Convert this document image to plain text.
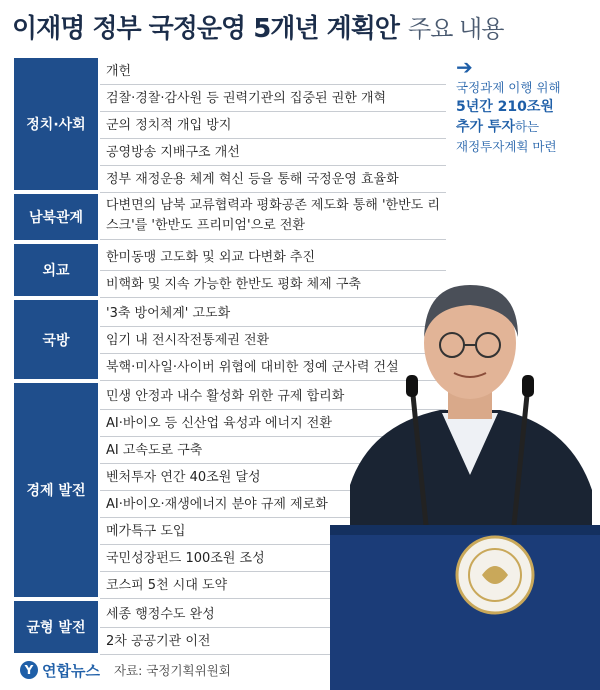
이재명 정부 국정운영 5개년 계획안 주요 내용
정치·사회
개헌
검찰·경찰·감사원 등 권력기관의 집중된 권한 개혁
군의 정치적 개입 방지
공영방송 지배구조 개선
정부 재정운용 체계 혁신 등을 통해 국정운영 효율화
남북관계
다변면의 남북 교류협력과 평화공존 제도화 통해 '한반도 리스크'를 '한반도 프리미엄'으로 전환
외교
한미동맹 고도화 및 외교 다변화 추진
비핵화 및 지속 가능한 한반도 평화 체제 구축
국방
'3축 방어체계' 고도화
임기 내 전시작전통제권 전환
북핵·미사일·사이버 위협에 대비한 정예 군사력 건설
경제 발전
민생 안정과 내수 활성화 위한 규제 합리화
AI·바이오 등 신산업 육성과 에너지 전환
AI 고속도로 구축
벤처투자 연간 40조원 달성
AI·바이오·재생에너지 분야 규제 제로화
메가특구 도입
국민성장펀드 100조원 조성
코스피 5천 시대 도약
균형 발전
세종 행정수도 완성
2차 공공기관 이전
➔
국정과제 이행 위해
5년간 210조원
추가 투자하는
재정투자계획 마련
Y 연합뉴스 자료: 국정기획위원회
